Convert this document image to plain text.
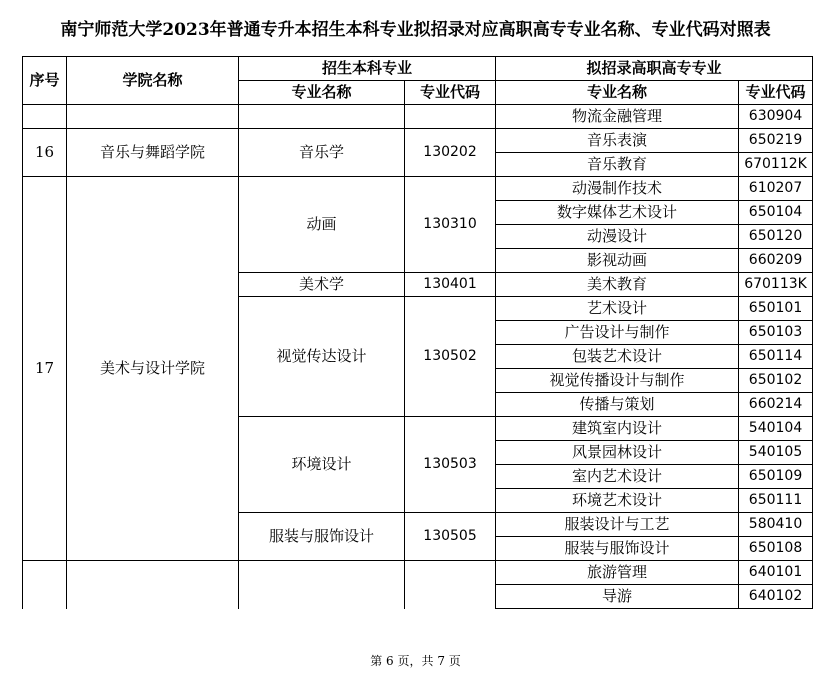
南宁师范大学2023年普通专升本招生本科专业拟招录对应高职高专专业名称、专业代码对照表
序号	学院名称	招生本科专业		拟招录高职高专专业	
		专业名称	专业代码	专业名称	专业代码
				物流金融管理	630904
16	音乐与舞蹈学院	音乐学	130202	音乐表演	650219
				音乐教育	670112K
17	美术与设计学院	动画	130310	动漫制作技术	610207
				数字媒体艺术设计	650104
				动漫设计	650120
				影视动画	660209
		美术学	130401	美术教育	670113K
		视觉传达设计	130502	艺术设计	650101
				广告设计与制作	650103
				包装艺术设计	650114
				视觉传播设计与制作	650102
				传播与策划	660214
		环境设计	130503	建筑室内设计	540104
				风景园林设计	540105
				室内艺术设计	650109
				环境艺术设计	650111
		服装与服饰设计	130505	服装设计与工艺	580410
				服装与服饰设计	650108
				旅游管理	640101
				导游	640102
第 6 页，共 7 页
